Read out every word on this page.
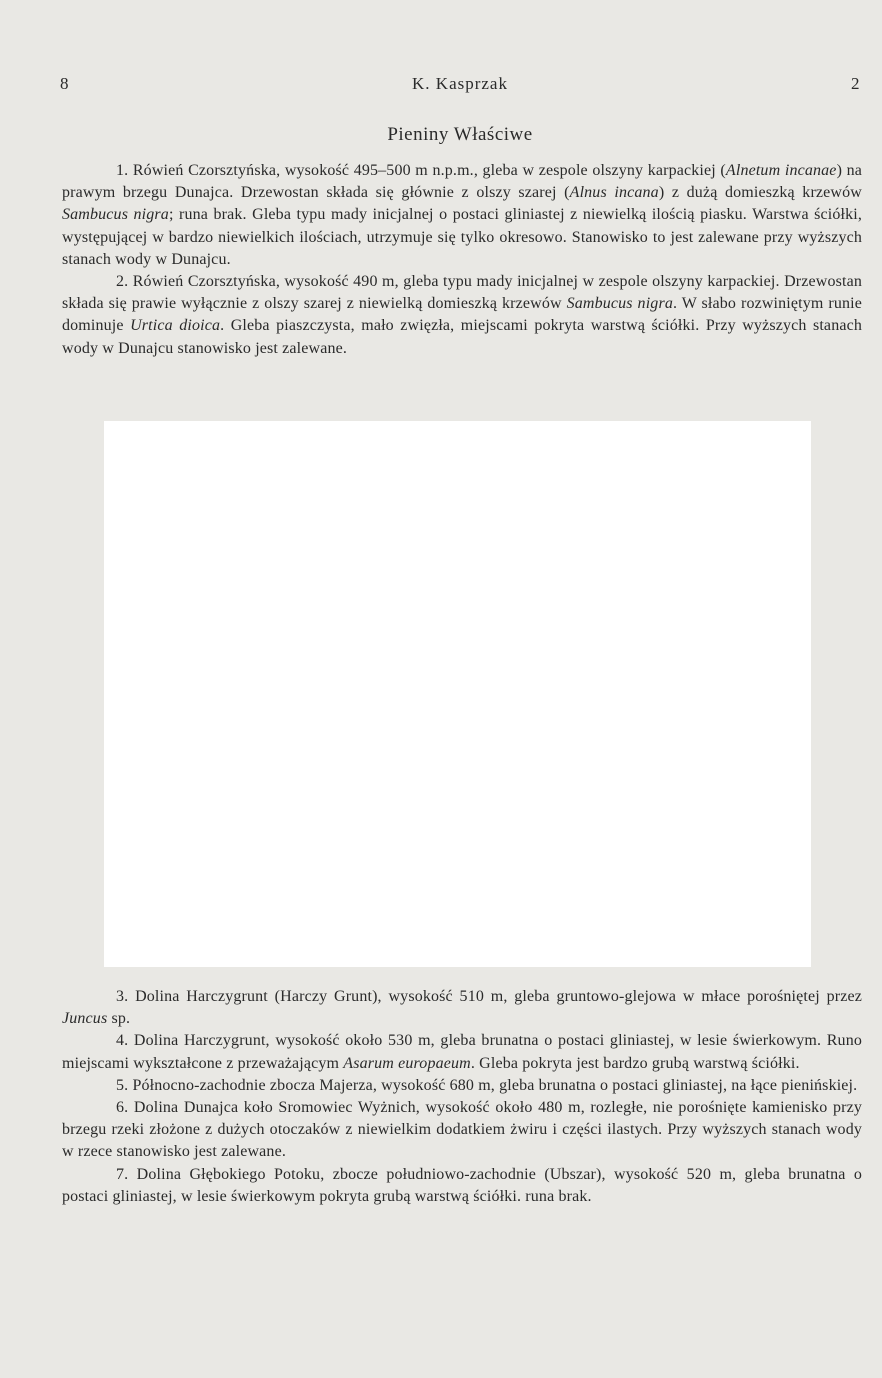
8	K. Kasprzak	2
Pieniny Właściwe

1. Rówień Czorsztyńska, wysokość 495–500 m n.p.m., gleba w zespole olszyny karpackiej (Alnetum incanae) na prawym brzegu Dunajca. Drzewostan składa się głównie z olszy szarej (Alnus incana) z dużą domieszką krzewów Sambucus nigra; runa brak. Gleba typu mady inicjalnej o postaci gliniastej z niewielką ilością piasku. Warstwa ściółki, występującej w bardzo niewielkich ilościach, utrzymuje się tylko okresowo. Stanowisko to jest zalewane przy wyższych stanach wody w Dunajcu.

2. Rówień Czorsztyńska, wysokość 490 m, gleba typu mady inicjalnej w zespole olszyny karpackiej. Drzewostan składa się prawie wyłącznie z olszy szarej z niewielką domieszką krzewów Sambucus nigra. W słabo rozwiniętym runie dominuje Urtica dioica. Gleba piaszczysta, mało zwięzła, miejscami pokryta warstwą ściółki. Przy wyższych stanach wody w Dunajcu stanowisko jest zalewane.

3. Dolina Harczygrunt (Harczy Grunt), wysokość 510 m, gleba gruntowo-glejowa w młace porośniętej przez Juncus sp.

4. Dolina Harczygrunt, wysokość około 530 m, gleba brunatna o postaci gliniastej, w lesie świerkowym. Runo miejscami wykształcone z przeważającym Asarum europaeum. Gleba pokryta jest bardzo grubą warstwą ściółki.

5. Północno-zachodnie zbocza Majerza, wysokość 680 m, gleba brunatna o postaci gliniastej, na łące pienińskiej.

6. Dolina Dunajca koło Sromowiec Wyżnich, wysokość około 480 m, rozległe, nie porośnięte kamienisko przy brzegu rzeki złożone z dużych otoczaków z niewielkim dodatkiem żwiru i części ilastych. Przy wyższych stanach wody w rzece stanowisko jest zalewane.

7. Dolina Głębokiego Potoku, zbocze południowo-zachodnie (Ubszar), wysokość 520 m, gleba brunatna o postaci gliniastej, w lesie świerkowym pokryta grubą warstwą ściółki. runa brak.
